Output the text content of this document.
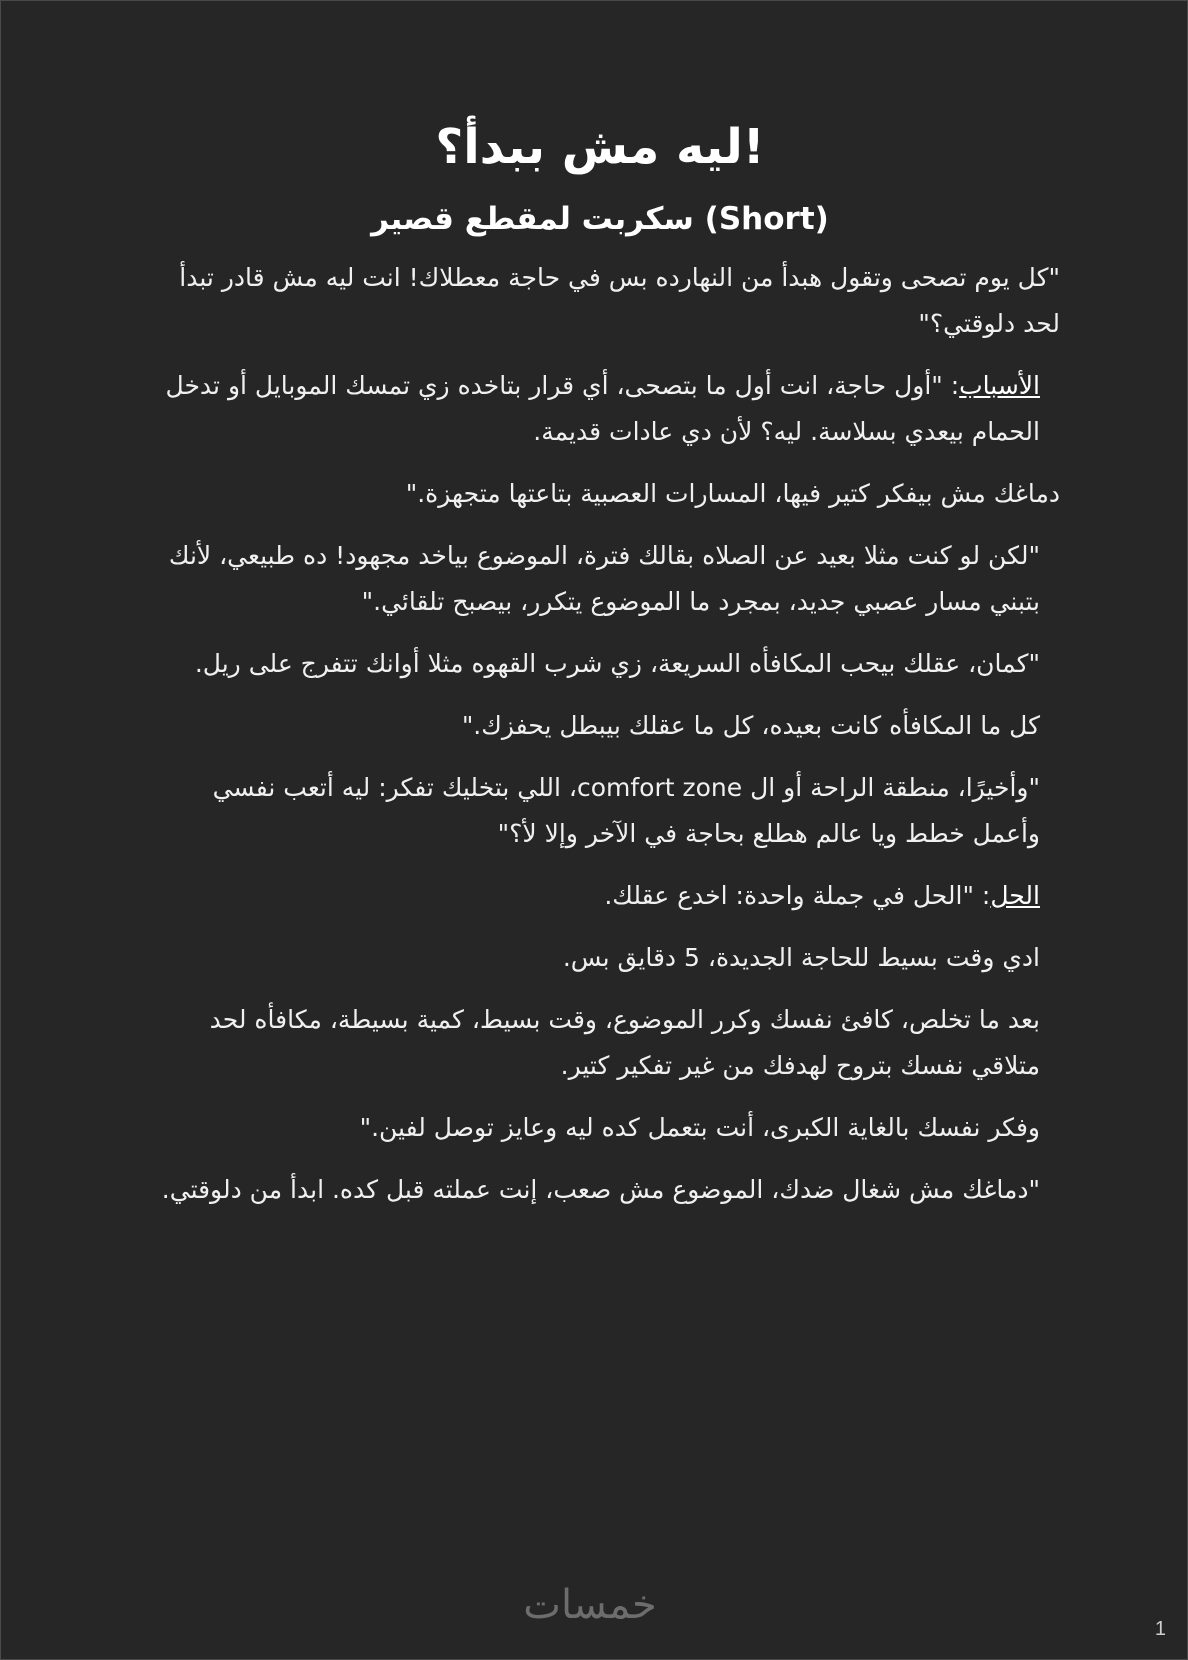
!ليه مش ببدأ؟
(Short) سكربت لمقطع قصير

"كل يوم تصحى وتقول هبدأ من النهارده بس في حاجة معطلاك! انت ليه مش قادر تبدأ لحد دلوقتي؟"

الأسباب: "أول حاجة، انت أول ما بتصحى، أي قرار بتاخده زي تمسك الموبايل أو تدخل الحمام بيعدي بسلاسة. ليه؟ لأن دي عادات قديمة.

دماغك مش بيفكر كتير فيها، المسارات العصبية بتاعتها متجهزة."

"لكن لو كنت مثلا بعيد عن الصلاه بقالك فترة، الموضوع بياخد مجهود! ده طبيعي، لأنك بتبني مسار عصبي جديد، بمجرد ما الموضوع يتكرر، بيصبح تلقائي."

"كمان، عقلك بيحب المكافأه السريعة، زي شرب القهوه مثلا أوانك تتفرج على ريل.

كل ما المكافأه كانت بعيده، كل ما عقلك بيبطل يحفزك."

"وأخيرًا، منطقة الراحة أو ال comfort zone، اللي بتخليك تفكر: ليه أتعب نفسي وأعمل خطط ويا عالم هطلع بحاجة في الآخر وإلا لأ؟"

الحل: "الحل في جملة واحدة: اخدع عقلك.

ادي وقت بسيط للحاجة الجديدة، 5 دقايق بس.

بعد ما تخلص، كافئ نفسك وكرر الموضوع، وقت بسيط، كمية بسيطة، مكافأه لحد متلاقي نفسك بتروح لهدفك من غير تفكير كتير.

وفكر نفسك بالغاية الكبرى، أنت بتعمل كده ليه وعايز توصل لفين."

"دماغك مش شغال ضدك، الموضوع مش صعب، إنت عملته قبل كده. ابدأ من دلوقتي.

خمسات
1
